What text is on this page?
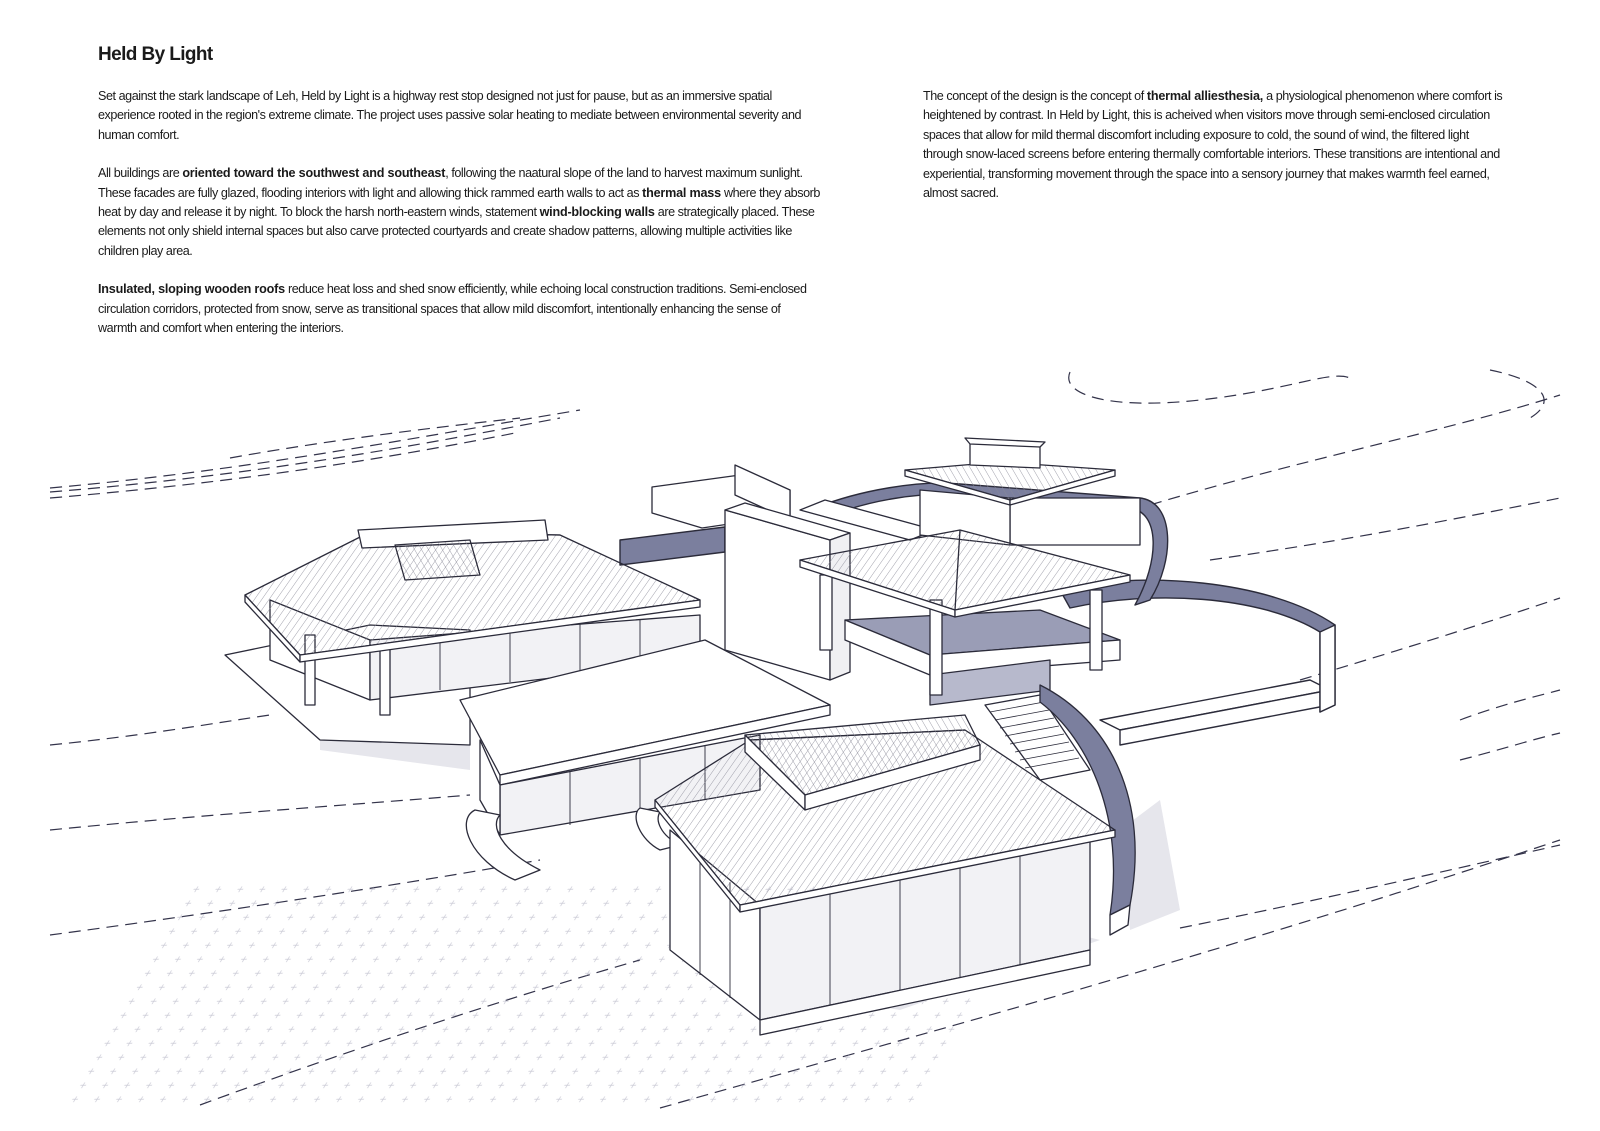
Held By Light

Set against the stark landscape of Leh, Held by Light is a highway rest stop designed not just for pause, but as an immersive spatial experience rooted in the region's extreme climate. The project uses passive solar heating to mediate between environmental severity and human comfort.

All buildings are oriented toward the southwest and southeast, following the naatural slope of the land to harvest maximum sunlight. These facades are fully glazed, flooding interiors with light and allowing thick rammed earth walls to act as thermal mass where they absorb heat by day and release it by night. To block the harsh north-eastern winds, statement wind-blocking walls are strategically placed. These elements not only shield internal spaces but also carve protected courtyards and create shadow patterns, allowing multiple activities like children play area.

Insulated, sloping wooden roofs reduce heat loss and shed snow efficiently, while echoing local construction traditions. Semi-enclosed circulation corridors, protected from snow, serve as transitional spaces that allow mild discomfort, intentionally enhancing the sense of warmth and comfort when entering the interiors.

The concept of the design is the concept of thermal alliesthesia, a physiological phenomenon where comfort is heightened by contrast. In Held by Light, this is acheived when visitors move through semi-enclosed circulation spaces that allow for mild thermal discomfort including exposure to cold, the sound of wind, the filtered light through snow-laced screens before entering thermally comfortable interiors. These transitions are intentional and experiential, transforming movement through the space into a sensory journey that makes warmth feel earned, almost sacred.
